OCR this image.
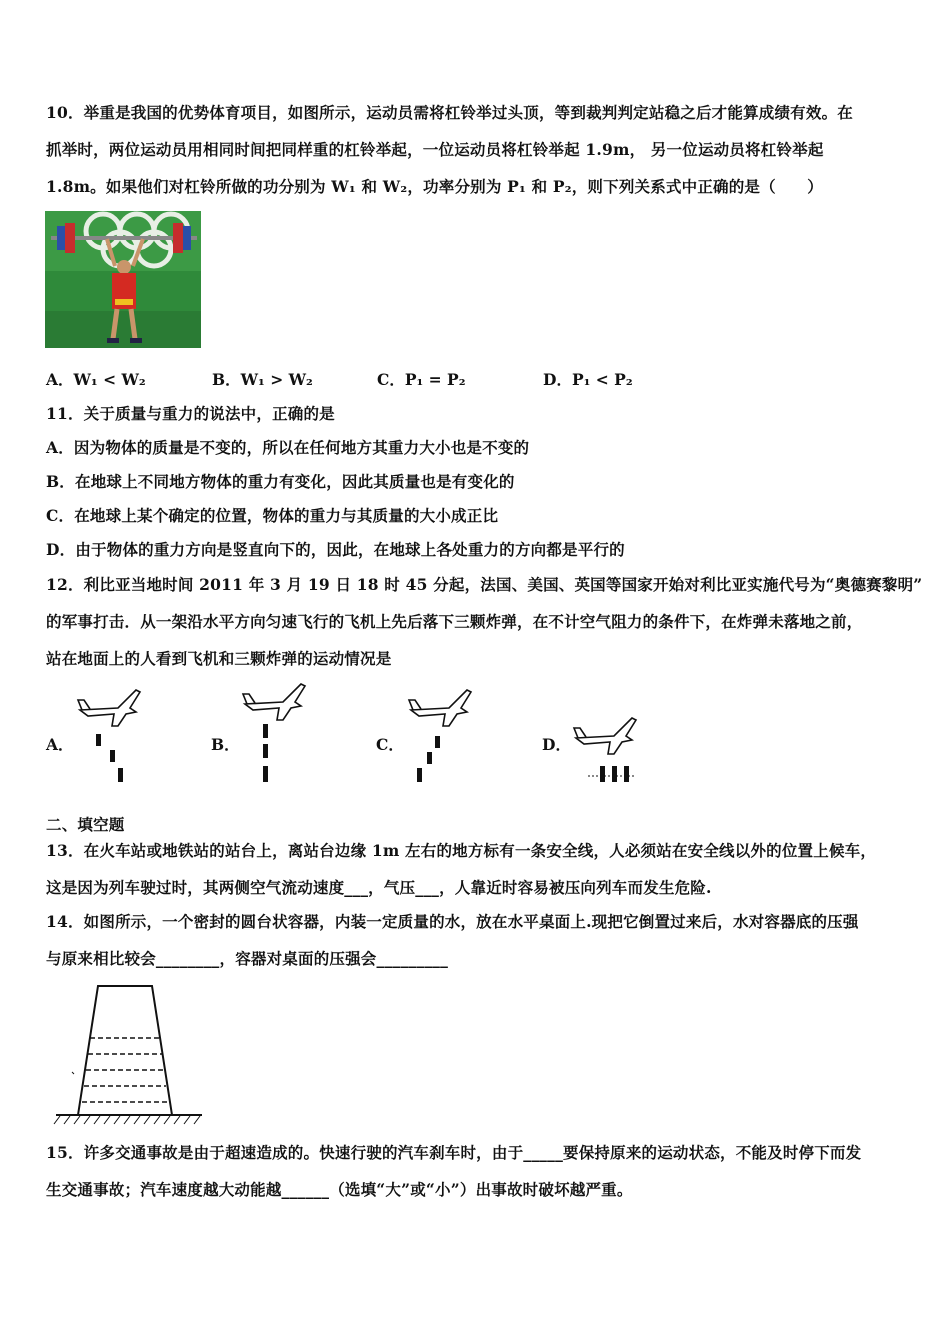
10．举重是我国的优势体育项目，如图所示，运动员需将杠铃举过头顶，等到裁判判定站稳之后才能算成绩有效。在
抓举时，两位运动员用相同时间把同样重的杠铃举起，一位运动员将杠铃举起 1.9m， 另一位运动员将杠铃举起
1.8m。如果他们对杠铃所做的功分别为 W₁ 和 W₂，功率分别为 P₁ 和 P₂，则下列关系式中正确的是（　　）
A．W₁ < W₂	B．W₁ > W₂	C．P₁ = P₂	D．P₁ < P₂
11．关于质量与重力的说法中，正确的是
A．因为物体的质量是不变的，所以在任何地方其重力大小也是不变的
B．在地球上不同地方物体的重力有变化，因此其质量也是有变化的
C．在地球上某个确定的位置，物体的重力与其质量的大小成正比
D．由于物体的重力方向是竖直向下的，因此，在地球上各处重力的方向都是平行的
12．利比亚当地时间 2011 年 3 月 19 日 18 时 45 分起，法国、美国、英国等国家开始对利比亚实施代号为“奥德赛黎明”
的军事打击．从一架沿水平方向匀速飞行的飞机上先后落下三颗炸弹，在不计空气阻力的条件下，在炸弹未落地之前，
站在地面上的人看到飞机和三颗炸弹的运动情况是
A．	B．	C．	D．
二、填空题
13．在火车站或地铁站的站台上，离站台边缘 1m 左右的地方标有一条安全线，人必须站在安全线以外的位置上候车，
这是因为列车驶过时，其两侧空气流动速度___，气压___，人靠近时容易被压向列车而发生危险.
14．如图所示，一个密封的圆台状容器，内装一定质量的水，放在水平桌面上.现把它倒置过来后，水对容器底的压强
与原来相比较会________，容器对桌面的压强会_________
15．许多交通事故是由于超速造成的。快速行驶的汽车刹车时，由于_____要保持原来的运动状态，不能及时停下而发
生交通事故；汽车速度越大动能越______（选填“大”或“小”）出事故时破坏越严重。
